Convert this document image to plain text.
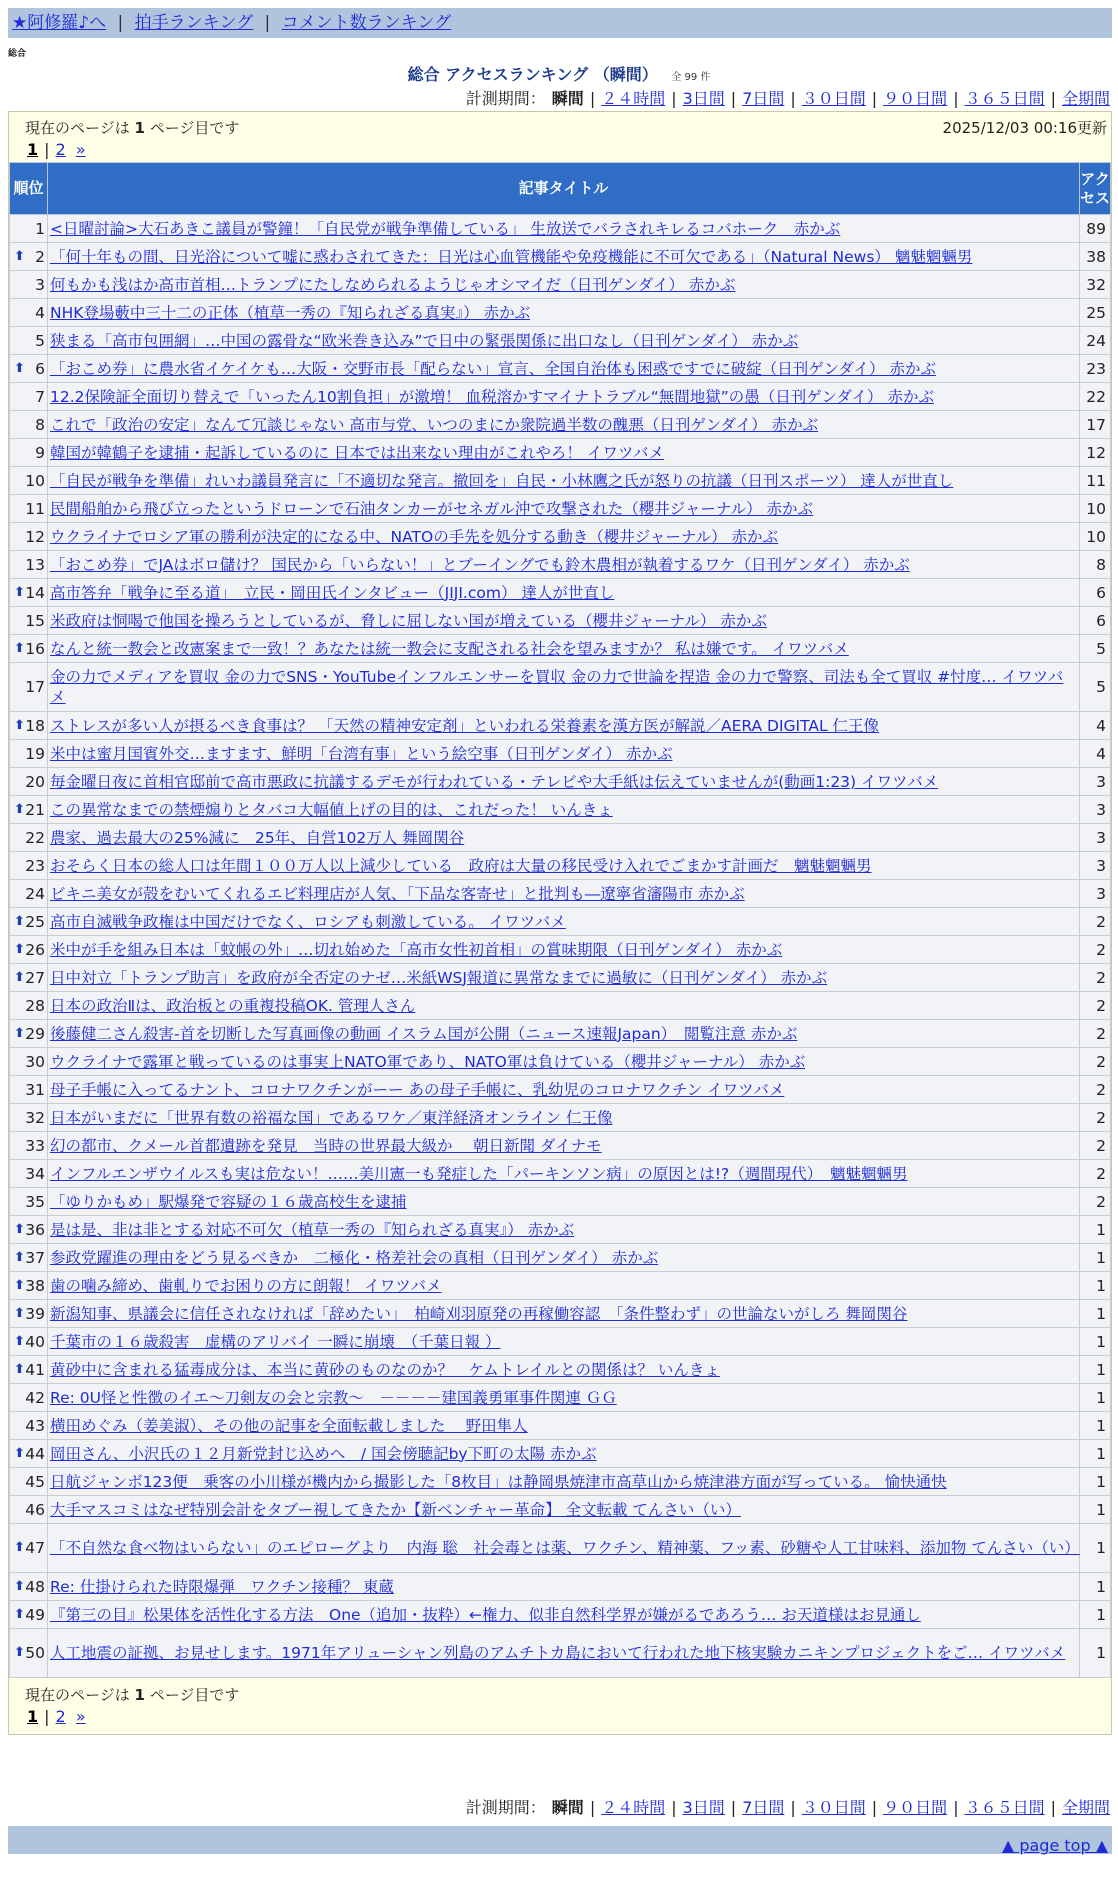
★阿修羅♪へ | 拍手ランキング | コメント数ランキング
総合
総合 アクセスランキング （瞬間） 全 99 件
計測期間： 瞬間 | ２４時間 | 3日間 | 7日間 | ３０日間 | ９０日間 | ３６５日間 | 全期間
現在のページは 1 ページ目です	2025/12/03 00:16更新
1 | 2 »
順位	記事タイトル	アクセス
1	<日曜討論>大石あきこ議員が警鐘！「自民党が戦争準備している」 生放送でバラされキレるコバホーク　赤かぶ	89

⬆ 2	「何十年もの間、日光浴について嘘に惑わされてきた：日光は心血管機能や免疫機能に不可欠である」（Natural News） 魑魅魍魎男	38
3	何もかも浅はか高市首相…トランプにたしなめられるようじゃオシマイだ（日刊ゲンダイ） 赤かぶ	32
4	NHK登場藪中三十二の正体（植草一秀の『知られざる真実』） 赤かぶ	25
5	狭まる「高市包囲網」…中国の露骨な“欧米巻き込み”で日中の緊張関係に出口なし（日刊ゲンダイ） 赤かぶ	24

⬆ 6	「おこめ券」に農水省イケイケも…大阪・交野市長「配らない」宣言、全国自治体も困惑ですでに破綻（日刊ゲンダイ） 赤かぶ	23
7	12.2保険証全面切り替えで「いったん10割負担」が激増！ 血税溶かすマイナトラブル“無間地獄”の愚（日刊ゲンダイ） 赤かぶ	22
8	これで「政治の安定」なんて冗談じゃない 高市与党、いつのまにか衆院過半数の醜悪（日刊ゲンダイ） 赤かぶ	17
9	韓国が韓鶴子を逮捕・起訴しているのに 日本では出来ない理由がこれやろ！ イワツバメ	12
10	「自民が戦争を準備」れいわ議員発言に「不適切な発言。撤回を」自民・小林鷹之氏が怒りの抗議（日刊スポーツ） 達人が世直し	11
11	民間船舶から飛び立ったというドローンで石油タンカーがセネガル沖で攻撃された（櫻井ジャーナル） 赤かぶ	10
12	ウクライナでロシア軍の勝利が決定的になる中、NATOの手先を処分する動き（櫻井ジャーナル） 赤かぶ	10
13	「おこめ券」でJAはボロ儲け？ 国民から「いらない！」とブーイングでも鈴木農相が執着するワケ（日刊ゲンダイ） 赤かぶ	8

⬆ 14	高市答弁「戦争に至る道」　立民・岡田氏インタビュー（JIJI.com） 達人が世直し	6
15	米政府は恫喝で他国を操ろうとしているが、脅しに屈しない国が増えている（櫻井ジャーナル） 赤かぶ	6

⬆ 16	なんと統一教会と改憲案まで一致！？あなたは統一教会に支配される社会を望みますか？ 私は嫌です。 イワツバメ	5
17	金の力でメディアを買収 金の力でSNS・YouTubeインフルエンサーを買収 金の力で世論を捏造 金の力で警察、司法も全て買収 #忖度… イワツバメ	5

⬆ 18	ストレスが多い人が摂るべき食事は？ 「天然の精神安定剤」といわれる栄養素を漢方医が解説／AERA DIGITAL 仁王像	4
19	米中は蜜月国賓外交…ますます、鮮明「台湾有事」という絵空事（日刊ゲンダイ） 赤かぶ	4
20	毎金曜日夜に首相官邸前で高市悪政に抗議するデモが行われている・テレビや大手紙は伝えていませんが(動画1:23) イワツバメ	3

⬆ 21	この異常なまでの禁煙煽りとタバコ大幅値上げの目的は、これだった！ いんきょ	3
22	農家、過去最大の25%減に　25年、自営102万人 舞岡関谷	3
23	おそらく日本の総人口は年間１００万人以上減少している　政府は大量の移民受け入れでごまかす計画だ　魑魅魍魎男	3
24	ビキニ美女が殻をむいてくれるエビ料理店が人気、「下品な客寄せ」と批判も―遼寧省瀋陽市 赤かぶ	3

⬆ 25	高市自滅戦争政権は中国だけでなく、ロシアも刺激している。 イワツバメ	2

⬆ 26	米中が手を組み日本は「蚊帳の外」…切れ始めた「高市女性初首相」の賞味期限（日刊ゲンダイ） 赤かぶ	2

⬆ 27	日中対立「トランプ助言」を政府が全否定のナゼ…米紙WSJ報道に異常なまでに過敏に（日刊ゲンダイ） 赤かぶ	2
28	日本の政治Ⅱは、政治板との重複投稿OK. 管理人さん	2

⬆ 29	後藤健二さん殺害-首を切断した写真画像の動画 イスラム国が公開（ニュース速報Japan）　閲覧注意 赤かぶ	2
30	ウクライナで露軍と戦っているのは事実上NATO軍であり、NATO軍は負けている（櫻井ジャーナル） 赤かぶ	2
31	母子手帳に入ってるナント、コロナワクチンがーー あの母子手帳に、乳幼児のコロナワクチン イワツバメ	2
32	日本がいまだに「世界有数の裕福な国」であるワケ／東洋経済オンライン 仁王像	2
33	幻の都市、クメール首都遺跡を発見　当時の世界最大級か　 朝日新聞 ダイナモ	2
34	インフルエンザウイルスも実は危ない！……美川憲一も発症した「パーキンソン病」の原因とは!?（週間現代）　魑魅魍魎男	2
35	「ゆりかもめ」駅爆発で容疑の１６歳高校生を逮捕	2

⬆ 36	是は是、非は非とする対応不可欠（植草一秀の『知られざる真実』） 赤かぶ	1

⬆ 37	参政党躍進の理由をどう見るべきか　二極化・格差社会の真相（日刊ゲンダイ） 赤かぶ	1

⬆ 38	歯の噛み締め、歯軋りでお困りの方に朗報！ イワツバメ	1

⬆ 39	新潟知事、県議会に信任されなければ「辞めたい」　柏崎刈羽原発の再稼働容認　「条件整わず」の世論ないがしろ 舞岡関谷	1

⬆ 40	千葉市の１６歳殺害　虚構のアリバイ 一瞬に崩壊　（千葉日報 ）	1

⬆ 41	黄砂中に含まれる猛毒成分は、本当に黄砂のものなのか？　ケムトレイルとの関係は？ いんきょ	1
42	Re: 0U怪と性徴のイエ～刀剣友の会と宗教～　－－－－建国義勇軍事件関連 ＧＧ	1
43	横田めぐみ（姜美淑）、その他の記事を全面転載しました　 野田隼人	1

⬆ 44	岡田さん、小沢氏の１２月新党封じ込めへ　/ 国会傍聴記by下町の太陽 赤かぶ	1
45	日航ジャンボ123便　乗客の小川様が機内から撮影した「8枚目」は静岡県焼津市高草山から焼津港方面が写っている。 愉快通快	1
46	大手マスコミはなぜ特別会計をタブー視してきたか【新ベンチャー革命】 全文転載 てんさい（い）	1

⬆ 47	「不自然な食べ物はいらない」のエピローグより　内海 聡　社会毒とは薬、ワクチン、精神薬、フッ素、砂糖や人工甘味料、添加物 てんさい（い）	1

⬆ 48	Re: 仕掛けられた時限爆弾　ワクチン接種？ 東蔵	1

⬆ 49	『第三の目』松果体を活性化する方法　One（追加・抜粋）←権力、似非自然科学界が嫌がるであろう… お天道様はお見通し	1

⬆ 50	人工地震の証拠、お見せします。1971年アリューシャン列島のアムチトカ島において行われた地下核実験カニキンプロジェクトをご… イワツバメ	1
現在のページは 1 ページ目です
1 | 2 »
計測期間： 瞬間 | ２４時間 | 3日間 | 7日間 | ３０日間 | ９０日間 | ３６５日間 | 全期間
▲ page top ▲
